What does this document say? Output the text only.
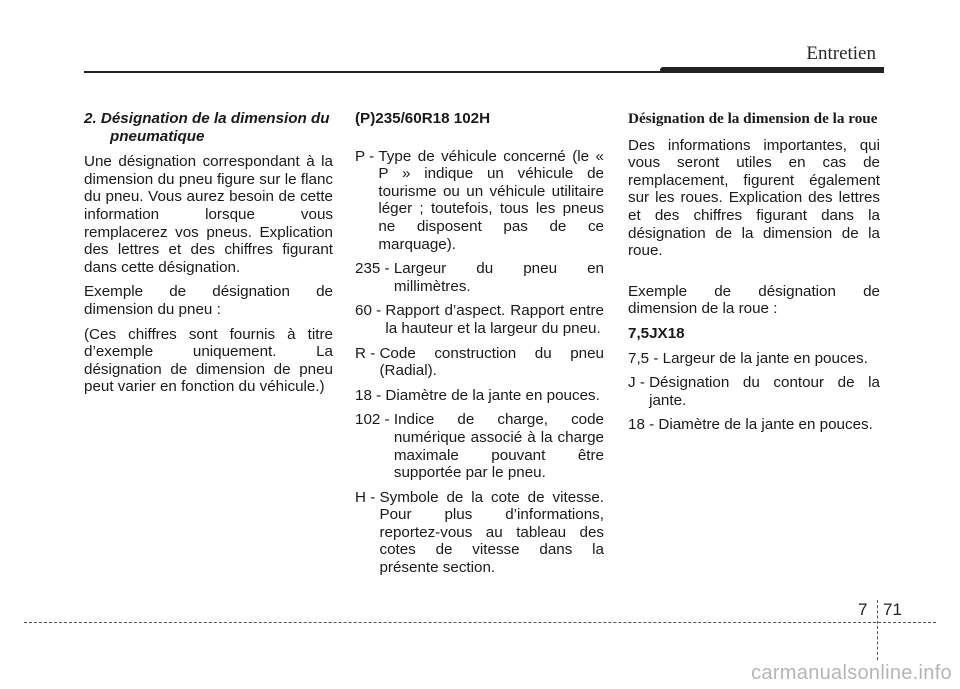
Entretien
2. Désignation de la dimension du pneumatique
Une désignation correspondant à la dimension du pneu figure sur le flanc du pneu. Vous aurez besoin de cette information lorsque vous remplacerez vos pneus. Explication des lettres et des chiffres figurant dans cette désignation.
Exemple de désignation de dimension du pneu :
(Ces chiffres sont fournis à titre d’exemple uniquement. La désignation de dimension de pneu peut varier en fonction du véhicule.)
(P)235/60R18 102H
P - Type de véhicule concerné (le « P » indique un véhicule de tourisme ou un véhicule utilitaire léger ; toutefois, tous les pneus ne disposent pas de ce marquage).
235 - Largeur du pneu en millimètres.
60 - Rapport d’aspect. Rapport entre la hauteur et la largeur du pneu.
R - Code construction du pneu (Radial).
18 - Diamètre de la jante en pouces.
102 - Indice de charge, code numérique associé à la charge maximale pouvant être supportée par le pneu.
H - Symbole de la cote de vitesse. Pour plus d’informations, reportez-vous au tableau des cotes de vitesse dans la présente section.
Désignation de la dimension de la roue
Des informations importantes, qui vous seront utiles en cas de remplacement, figurent également sur les roues. Explication des lettres et des chiffres figurant dans la désignation de la dimension de la roue.
Exemple de désignation de dimension de la roue :
7,5JX18
7,5 - Largeur de la jante en pouces.
J - Désignation du contour de la jante.
18 - Diamètre de la jante en pouces.
7 71
carmanualsonline.info
